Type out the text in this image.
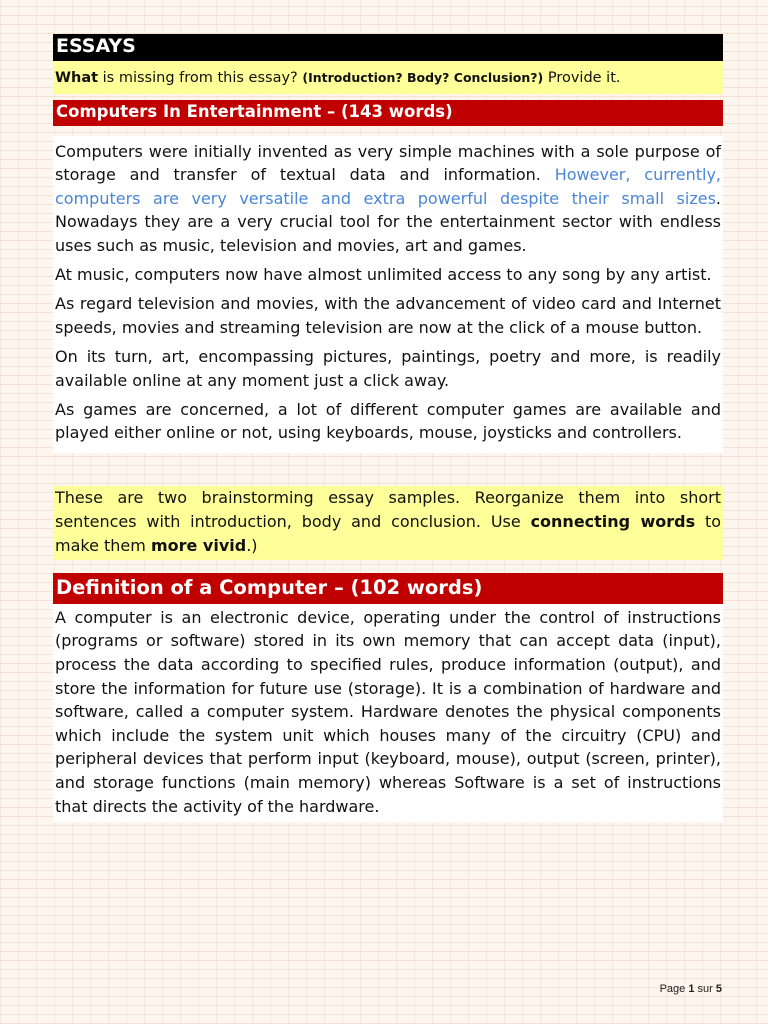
ESSAYS
What is missing from this essay? (Introduction? Body? Conclusion?) Provide it.
Computers In Entertainment – (143 words)

Computers were initially invented as very simple machines with a sole purpose of storage and transfer of textual data and information. However, currently, computers are very versatile and extra powerful despite their small sizes. Nowadays they are a very crucial tool for the entertainment sector with endless uses such as music, television and movies, art and games.

At music, computers now have almost unlimited access to any song by any artist.

As regard television and movies, with the advancement of video card and Internet speeds, movies and streaming television are now at the click of a mouse button.

On its turn, art, encompassing pictures, paintings, poetry and more, is readily available online at any moment just a click away.

As games are concerned, a lot of different computer games are available and played either online or not, using keyboards, mouse, joysticks and controllers.

These are two brainstorming essay samples. Reorganize them into short sentences with introduction, body and conclusion. Use connecting words to make them more vivid.)
Definition of a Computer – (102 words)

A computer is an electronic device, operating under the control of instructions (programs or software) stored in its own memory that can accept data (input), process the data according to specified rules, produce information (output), and store the information for future use (storage). It is a combination of hardware and software, called a computer system. Hardware denotes the physical components which include the system unit which houses many of the circuitry (CPU) and peripheral devices that perform input (keyboard, mouse), output (screen, printer), and storage functions (main memory) whereas Software is a set of instructions that directs the activity of the hardware.

Page 1 sur 5
